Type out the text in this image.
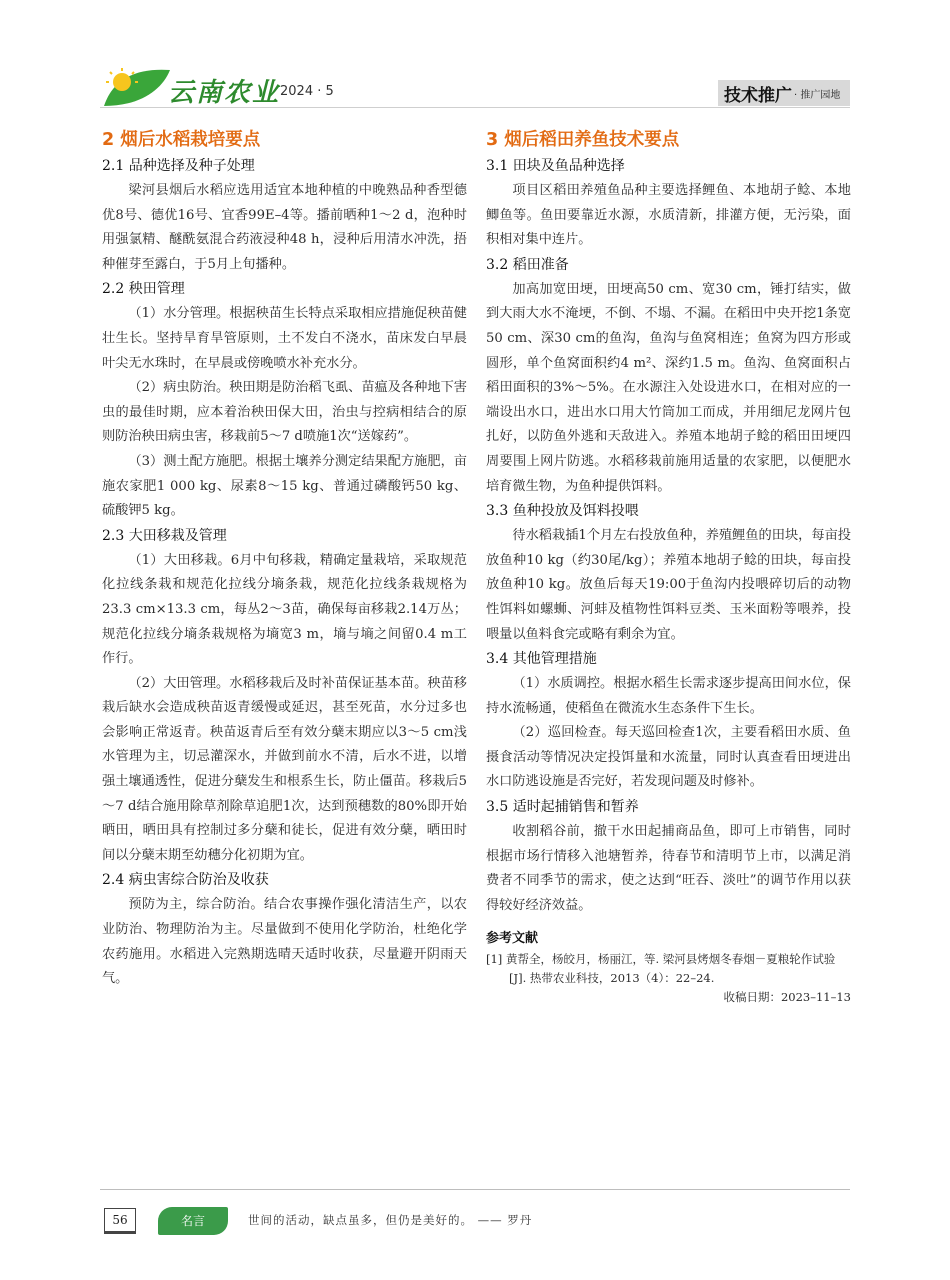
云南农业 2024 · 5	技术推广 · 推广园地
2 烟后水稻栽培要点
2.1 品种选择及种子处理

梁河县烟后水稻应选用适宜本地种植的中晚熟品种香型德优8号、德优16号、宜香99E–4等。播前晒种1～2 d，泡种时用强氯精、醚酰氨混合药液浸种48 h，浸种后用清水冲洗，捂种催芽至露白，于5月上旬播种。

2.2 秧田管理

（1）水分管理。根据秧苗生长特点采取相应措施促秧苗健壮生长。坚持旱育旱管原则，土不发白不浇水，苗床发白早晨叶尖无水珠时，在早晨或傍晚喷水补充水分。

（2）病虫防治。秧田期是防治稻飞虱、苗瘟及各种地下害虫的最佳时期，应本着治秧田保大田，治虫与控病相结合的原则防治秧田病虫害，移栽前5～7 d喷施1次“送嫁药”。

（3）测土配方施肥。根据土壤养分测定结果配方施肥，亩施农家肥1 000 kg、尿素8～15 kg、普通过磷酸钙50 kg、硫酸钾5 kg。

2.3 大田移栽及管理

（1）大田移栽。6月中旬移栽，精确定量栽培，采取规范化拉线条栽和规范化拉线分墒条栽，规范化拉线条栽规格为23.3 cm×13.3 cm，每丛2～3苗，确保每亩移栽2.14万丛；规范化拉线分墒条栽规格为墒宽3 m，墒与墒之间留0.4 m工作行。

（2）大田管理。水稻移栽后及时补苗保证基本苗。秧苗移栽后缺水会造成秧苗返青缓慢或延迟，甚至死苗，水分过多也会影响正常返青。秧苗返青后至有效分蘖末期应以3～5 cm浅水管理为主，切忌灌深水，并做到前水不清，后水不进，以增强土壤通透性，促进分蘖发生和根系生长，防止僵苗。移栽后5～7 d结合施用除草剂除草追肥1次，达到预穗数的80%即开始晒田，晒田具有控制过多分蘖和徒长，促进有效分蘖，晒田时间以分蘖末期至幼穗分化初期为宜。

2.4 病虫害综合防治及收获

预防为主，综合防治。结合农事操作强化清洁生产，以农业防治、物理防治为主。尽量做到不使用化学防治，杜绝化学农药施用。水稻进入完熟期选晴天适时收获，尽量避开阴雨天气。

3 烟后稻田养鱼技术要点
3.1 田块及鱼品种选择

项目区稻田养殖鱼品种主要选择鲤鱼、本地胡子鲶、本地鲫鱼等。鱼田要靠近水源，水质清新，排灌方便，无污染，面积相对集中连片。

3.2 稻田准备

加高加宽田埂，田埂高50 cm、宽30 cm，锤打结实，做到大雨大水不淹埂，不倒、不塌、不漏。在稻田中央开挖1条宽50 cm、深30 cm的鱼沟，鱼沟与鱼窝相连；鱼窝为四方形或圆形，单个鱼窝面积约4 m²、深约1.5 m。鱼沟、鱼窝面积占稻田面积的3%～5%。在水源注入处设进水口，在相对应的一端设出水口，进出水口用大竹筒加工而成，并用细尼龙网片包扎好，以防鱼外逃和天敌进入。养殖本地胡子鲶的稻田田埂四周要围上网片防逃。水稻移栽前施用适量的农家肥，以便肥水培育微生物，为鱼种提供饵料。

3.3 鱼种投放及饵料投喂

待水稻栽插1个月左右投放鱼种，养殖鲤鱼的田块，每亩投放鱼种10 kg（约30尾/kg）；养殖本地胡子鲶的田块，每亩投放鱼种10 kg。放鱼后每天19:00于鱼沟内投喂碎切后的动物性饵料如螺蛳、河蚌及植物性饵料豆类、玉米面粉等喂养，投喂量以鱼料食完或略有剩余为宜。

3.4 其他管理措施

（1）水质调控。根据水稻生长需求逐步提高田间水位，保持水流畅通，使稻鱼在微流水生态条件下生长。

（2）巡回检查。每天巡回检查1次，主要看稻田水质、鱼摄食活动等情况决定投饵量和水流量，同时认真查看田埂进出水口防逃设施是否完好，若发现问题及时修补。

3.5 适时起捕销售和暂养

收割稻谷前，撤干水田起捕商品鱼，即可上市销售，同时根据市场行情移入池塘暂养，待春节和清明节上市，以满足消费者不同季节的需求，使之达到“旺吞、淡吐”的调节作用以获得较好经济效益。

参考文献
[1] 黄帮全，杨皎月，杨丽江，等. 梁河县烤烟冬春烟－夏粮轮作试验 [J]. 热带农业科技，2013（4）：22–24.
收稿日期：2023–11–13
56	名言	世间的活动，缺点虽多，但仍是美好的。 —— 罗丹
